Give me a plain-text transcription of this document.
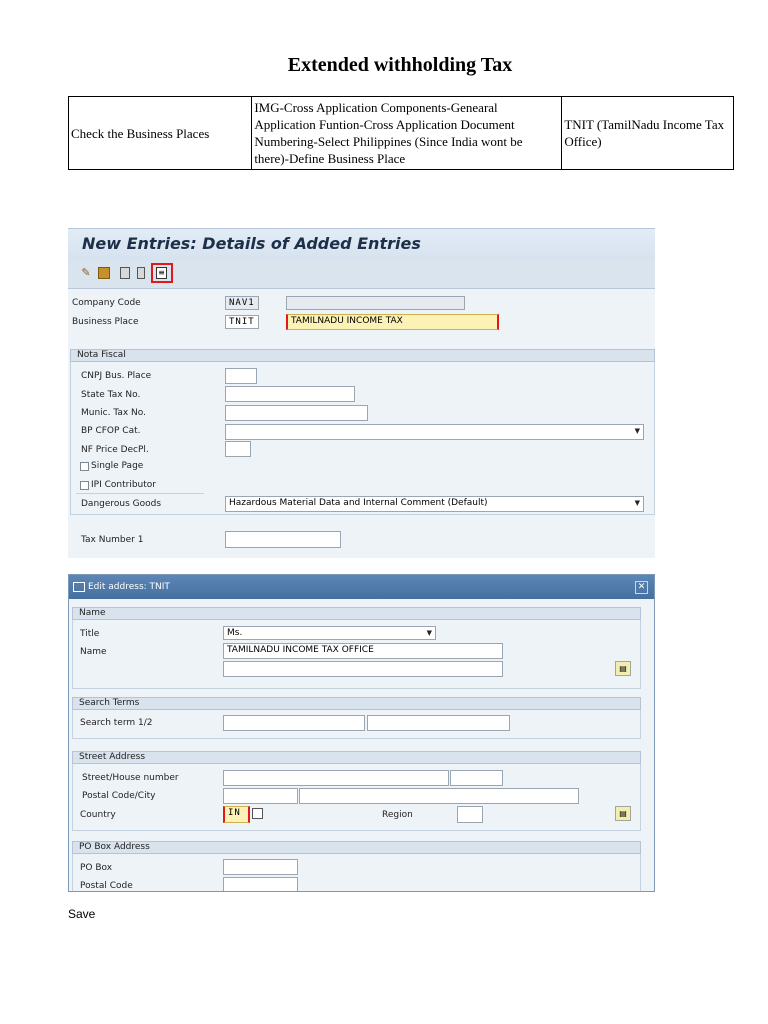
Extended withholding Tax
Check the Business Places	IMG-Cross Application Components-Genearal Application Funtion-Cross Application Document Numbering-Select Philippines (Since India wont be there)-Define Business Place	TNIT (TamilNadu Income Tax Office)
New Entries: Details of Added Entries
✎	≡
Company Code	NAV1
Business Place	TNIT	TAMILNADU INCOME TAX
Nota Fiscal
CNPJ Bus. Place
State Tax No.
Munic. Tax No.
BP CFOP Cat.	▼
NF Price DecPl.
Single Page
IPI Contributor
Dangerous Goods	Hazardous Material Data and Internal Comment (Default)	▼
Tax Number 1
Edit address: TNIT	✕
Name
Title	Ms.	▼
Name	TAMILNADU INCOME TAX OFFICE
▤
Search Terms
Search term 1/2
Street Address
Street/House number
Postal Code/City
Country	IN	Region	▤
PO Box Address
PO Box
Postal Code
Save
